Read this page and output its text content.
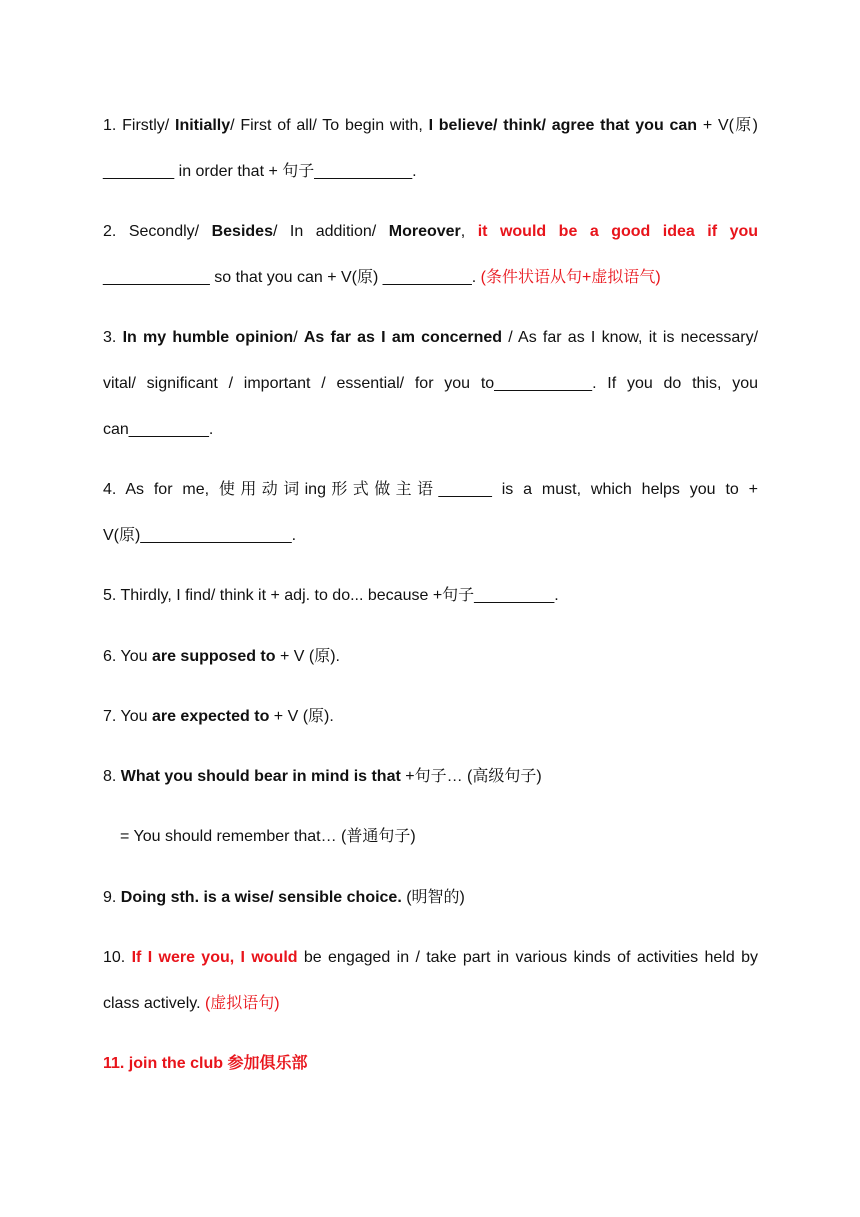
1. Firstly/ Initially/ First of all/ To begin with, I believe/ think/ agree that you can + V(原) ________ in order that + 句子___________.

2. Secondly/ Besides/ In addition/ Moreover, it would be a good idea if you ____________ so that you can + V(原) __________. (条件状语从句+虚拟语气)

3. In my humble opinion/ As far as I am concerned / As far as I know, it is necessary/ vital/ significant / important / essential/ for you to___________. If you do this, you can_________.

4. As for me, 使用动词ing形式做主语______ is a must, which helps you to + V(原)_________________.

5. Thirdly, I find/ think it + adj. to do... because +句子_________.

6. You are supposed to + V (原).

7. You are expected to + V (原).

8. What you should bear in mind is that +句子… (高级句子)

= You should remember that… (普通句子)

9. Doing sth. is a wise/ sensible choice. (明智的)

10. If I were you, I would be engaged in / take part in various kinds of activities held by class actively. (虚拟语句)

11. join the club 参加俱乐部
